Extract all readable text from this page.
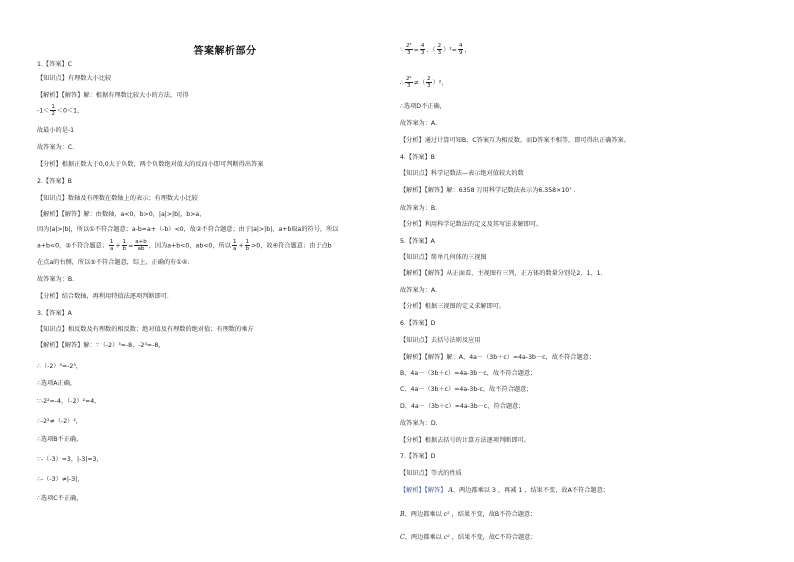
答案解析部分
1.【答案】C
【知识点】有理数大小比较
【解析】【解答】解：根据有理数比较大小的方法，可得
$-1< \frac{1}{2} <0<1$，
故最小的是-1
故答案为：C.
【分析】根据正数大于0,0大于负数，两个负数绝对值大的反而小即可判断得出答案
2.【答案】B
【知识点】数轴及有理数在数轴上的表示；有理数大小比较
【解析】【解答】解：由数轴，a<0，b>0，|a|>|b|，b>a，
因为|a|>|b|，所以①不符合题意；a-b=a+（-b）<0，故②不符合题意；由于|a|>|b|，a+b取a的符号，所以
a+b<0，③不符合题意； $\frac{1}{a} + \frac{1}{b} = \frac{a+b}{ab}$ ，因为a+b<0，ab<0，所以 $\frac{1}{a} + \frac{1}{b} >0$，故④符合题意；由于点b
在点a的右侧，所以⑤不符合题意，综上，正确的有①④.
故答案为：B.
【分析】结合数轴，再利用特值法逐项判断即可.
3.【答案】A
【知识点】相反数及有理数的相反数；绝对值及有理数的绝对值；有理数的乘方
【解析】【解答】解：∵（-2）³=-8，-2³=-8，
∴（-2）³=-2³，
∴选项A正确，
∵-2²=-4，（-2）²=4，
∴-2²≠（-2）²，
∴选项B不正确，
∵-（-3）=3，|-3|=3，
∴-（-3）≠|-3|，
∴选项C不正确，
∵ $\frac{\text{2²}}{3} = \frac{4}{3}$ ，（ $\frac{2}{3} )^2= \frac{4}{9}$ ，
∴ $\frac{\text{2²}}{3}$ ≠（ $\frac{2}{3} )^2$，
∴选项D不正确，
故答案为：A.
【分析】通过计算可知B、C答案互为相反数，而D答案不相等，即可得出正确答案。
4.【答案】B
【知识点】科学记数法—表示绝对值较大的数
【解析】【解答】解：6358 万用科学记数法表示为6.358×10⁷ .
故答案为：B.
【分析】利用科学记数法的定义及其写法求解即可。
5.【答案】A
【知识点】简单几何体的三视图
【解析】【解答】从正面看，主视图有三列，正方体的数量分别是2、1、1.
故答案为：A.
【分析】根据三视图的定义求解即可。
6.【答案】D
【知识点】去括号法则及应用
【解析】【解答】解：A、4a－（3b＋c）=4a-3b－c，故不符合题意；
B、4a－（3b＋c）=4a-3b－c，故不符合题意；
C、4a－（3b＋c）=4a-3b-c，故不符合题意；
D、4a－（3b＋c）=4a-3b－c，符合题意；
故答案为：D.
【分析】根据去括号的计算方法逐项判断即可。
7.【答案】D
【知识点】等式的性质
【解析】【解答】 A、两边都乘以 3 ，再减 1 ，结果不变，故A不符合题意；
B、两边都乘以 c² ，结果不变，故B不符合题意；
C、两边都乘以 c² ，结果不变，故C不符合题意；
